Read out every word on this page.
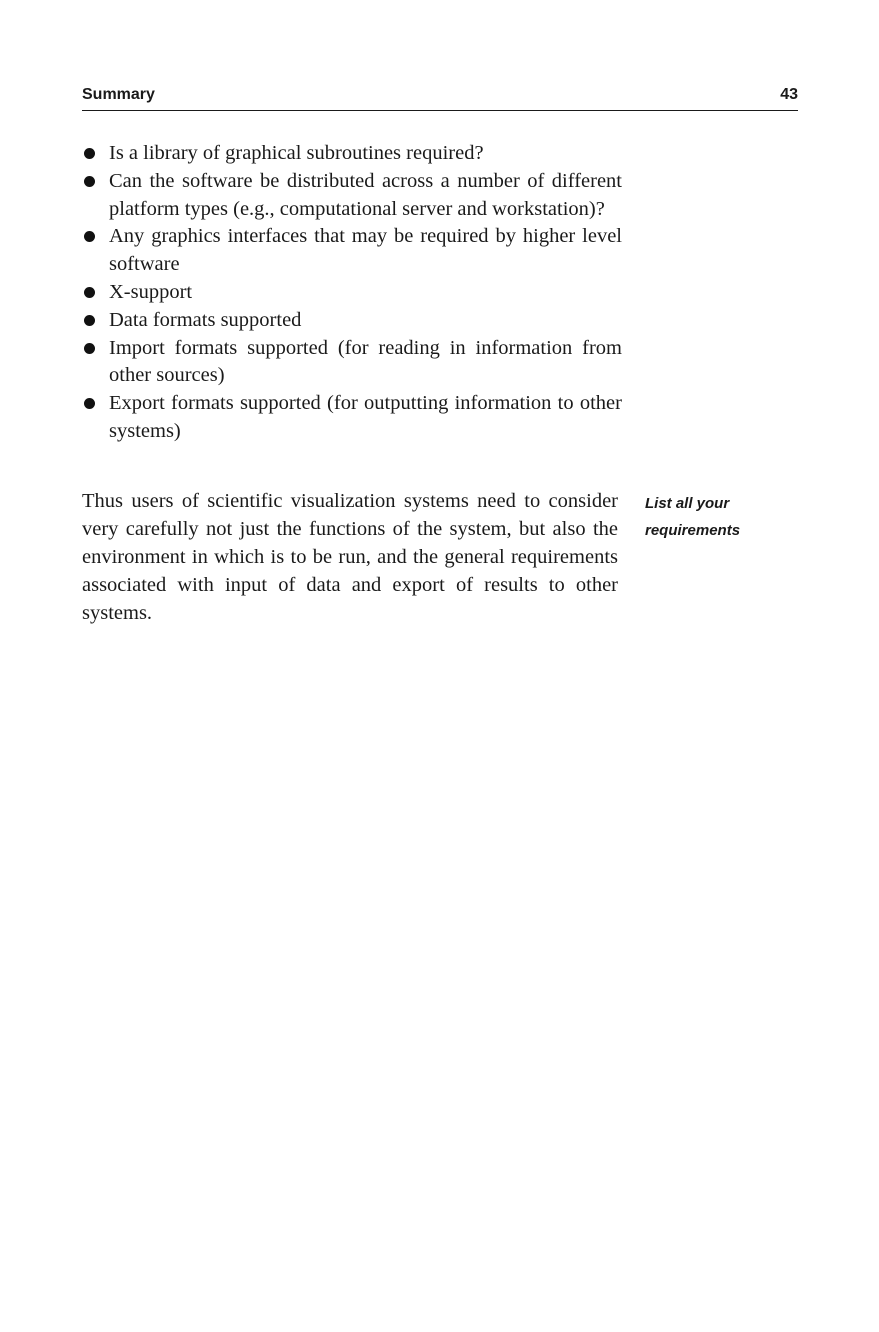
Summary	43
Is a library of graphical subroutines required?
Can the software be distributed across a number of different platform types (e.g., computational server and workstation)?
Any graphics interfaces that may be required by higher level software
X-support
Data formats supported
Import formats supported (for reading in information from other sources)
Export formats supported (for outputting information to other systems)

Thus users of scientific visualization systems need to consider very carefully not just the functions of the system, but also the environment in which is to be run, and the general requirements associated with input of data and export of results to other systems.

List all your
requirements
